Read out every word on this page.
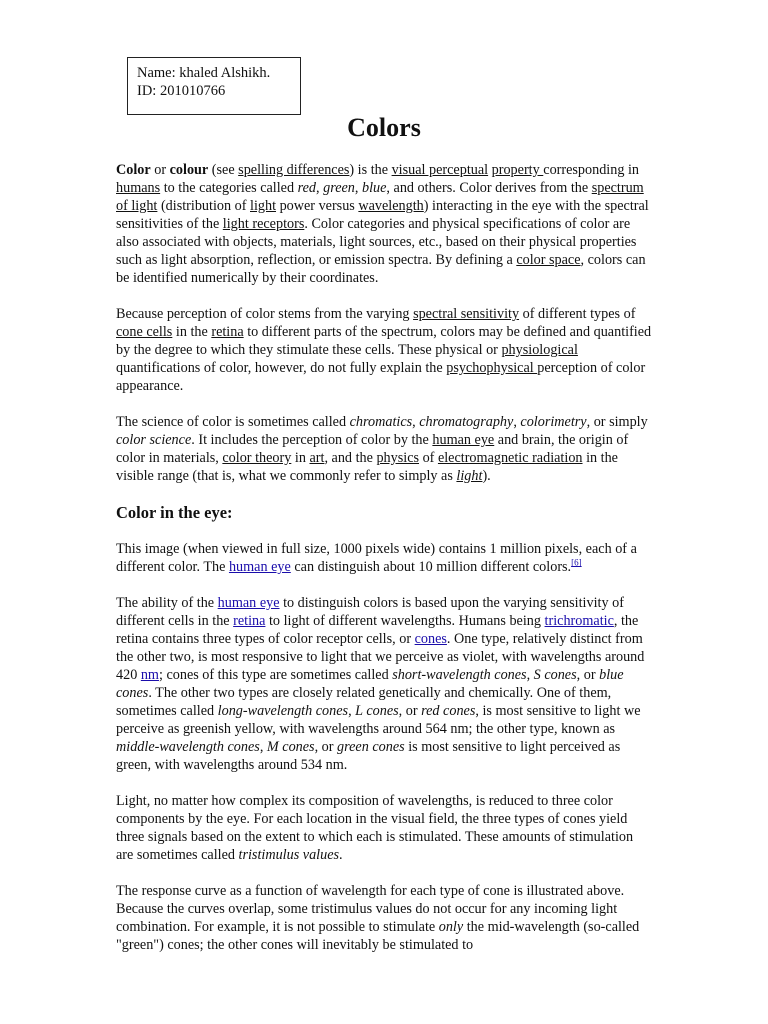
Name: khaled Alshikh.
ID: 201010766
Colors

Color or colour (see spelling differences) is the visual perceptual property corresponding in humans to the categories called red, green, blue, and others. Color derives from the spectrum of light (distribution of light power versus wavelength) interacting in the eye with the spectral sensitivities of the light receptors. Color categories and physical specifications of color are also associated with objects, materials, light sources, etc., based on their physical properties such as light absorption, reflection, or emission spectra. By defining a color space, colors can be identified numerically by their coordinates.

Because perception of color stems from the varying spectral sensitivity of different types of cone cells in the retina to different parts of the spectrum, colors may be defined and quantified by the degree to which they stimulate these cells. These physical or physiological quantifications of color, however, do not fully explain the psychophysical perception of color appearance.

The science of color is sometimes called chromatics, chromatography, colorimetry, or simply color science. It includes the perception of color by the human eye and brain, the origin of color in materials, color theory in art, and the physics of electromagnetic radiation in the visible range (that is, what we commonly refer to simply as light).

Color in the eye:

This image (when viewed in full size, 1000 pixels wide) contains 1 million pixels, each of a different color. The human eye can distinguish about 10 million different colors.[6]

The ability of the human eye to distinguish colors is based upon the varying sensitivity of different cells in the retina to light of different wavelengths. Humans being trichromatic, the retina contains three types of color receptor cells, or cones. One type, relatively distinct from the other two, is most responsive to light that we perceive as violet, with wavelengths around 420 nm; cones of this type are sometimes called short-wavelength cones, S cones, or blue cones. The other two types are closely related genetically and chemically. One of them, sometimes called long-wavelength cones, L cones, or red cones, is most sensitive to light we perceive as greenish yellow, with wavelengths around 564 nm; the other type, known as middle-wavelength cones, M cones, or green cones is most sensitive to light perceived as green, with wavelengths around 534 nm.

Light, no matter how complex its composition of wavelengths, is reduced to three color components by the eye. For each location in the visual field, the three types of cones yield three signals based on the extent to which each is stimulated. These amounts of stimulation are sometimes called tristimulus values.

The response curve as a function of wavelength for each type of cone is illustrated above. Because the curves overlap, some tristimulus values do not occur for any incoming light combination. For example, it is not possible to stimulate only the mid-wavelength (so-called "green") cones; the other cones will inevitably be stimulated to
